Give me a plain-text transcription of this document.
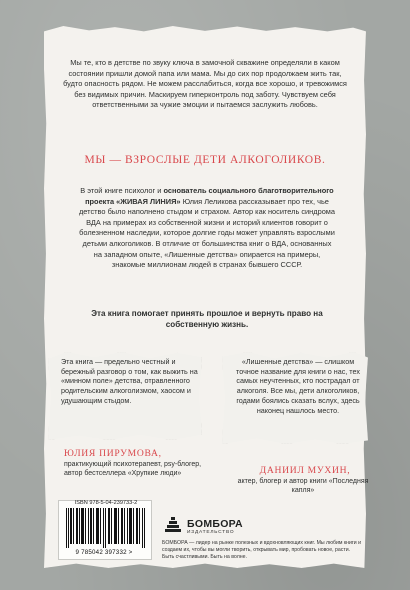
Мы те, кто в детстве по звуку ключа в замочной скважине определяли в каком состоянии пришли домой папа или мама. Мы до сих пор продолжаем жить так, будто опасность рядом. Не можем расслабиться, когда все хорошо, и тревожимся без видимых причин. Маскируем гиперконтроль под заботу. Чувствуем себя ответственными за чужие эмоции и пытаемся заслужить любовь.
МЫ — ВЗРОСЛЫЕ ДЕТИ АЛКОГОЛИКОВ.
В этой книге психолог и основатель социального благотворительного проекта «ЖИВАЯ ЛИНИЯ» Юлия Леликова рассказывает про тех, чье детство было наполнено стыдом и страхом. Автор как носитель синдрома ВДА на примерах из собственной жизни и историй клиентов говорит о болезненном наследии, которое долгие годы может управлять взрослыми детьми алкоголиков. В отличие от большинства книг о ВДА, основанных на западном опыте, «Лишенные детства» опирается на примеры, знакомые миллионам людей в странах бывшего СССР.
Эта книга помогает принять прошлое и вернуть право на собственную жизнь.
Эта книга — предельно честный и бережный разговор о том, как выжить на «минном поле» детства, отравленного родительским алкоголизмом, хаосом и удушающим стыдом.
«Лишенные детства» — слишком точное название для книги о нас, тех самых неучтенных, кто пострадал от алкоголя. Все мы, дети алкоголиков, годами боялись сказать вслух, здесь наконец нашлось место.
ЮЛИЯ ПИРУМОВА,
практикующий психотерапевт, psy-блогер, автор бестселлера «Хрупкие люди»	ДАНИИЛ МУХИН,
актер, блогер и автор книги «Последняя капля»
ISBN 978-5-04-239733-2
9 785042 397332 >
БОМБОРА
ИЗДАТЕЛЬСТВО
БОМБОРА — лидер на рынке полезных и вдохновляющих книг. Мы любим книги и создаем их, чтобы вы могли творить, открывать мир, пробовать новое, расти. Быть счастливыми. Быть на волне.
